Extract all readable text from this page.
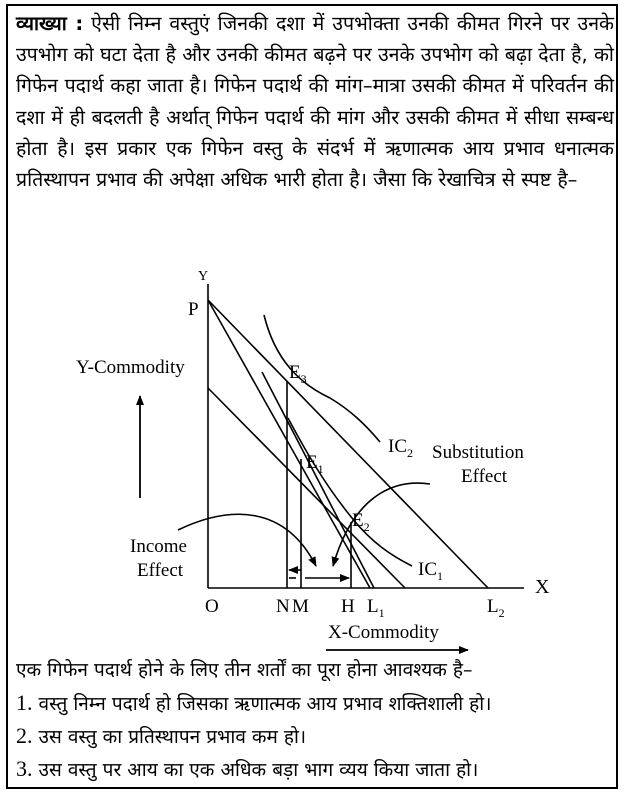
व्याख्या : ऐसी निम्न वस्तुएं जिनकी दशा में उपभोक्ता उनकी कीमत गिरने पर उनके उपभोग को घटा देता है और उनकी कीमत बढ़ने पर उनके उपभोग को बढ़ा देता है, को गिफेन पदार्थ कहा जाता है। गिफेन पदार्थ की मांग–मात्रा उसकी कीमत में परिवर्तन की दशा में ही बदलती है अर्थात् गिफेन पदार्थ की मांग और उसकी कीमत में सीधा सम्बन्ध होता है। इस प्रकार एक गिफेन वस्तु के संदर्भ में ऋणात्मक आय प्रभाव धनात्मक प्रतिस्थापन प्रभाव की अपेक्षा अधिक भारी होता है। जैसा कि रेखाचित्र से स्पष्ट है–

Y
X
O
P
$E_3$
$E_1$
$E_2$
$IC_2$
$IC_1$
N M H $L_1$	$L_2$
Y-Commodity
X-Commodity
Substitution
Effect
Income
Effect

एक गिफेन पदार्थ होने के लिए तीन शर्तों का पूरा होना आवश्यक है–

1. वस्तु निम्न पदार्थ हो जिसका ऋणात्मक आय प्रभाव शक्तिशाली हो।
2. उस वस्तु का प्रतिस्थापन प्रभाव कम हो।
3. उस वस्तु पर आय का एक अधिक बड़ा भाग व्यय किया जाता हो।
